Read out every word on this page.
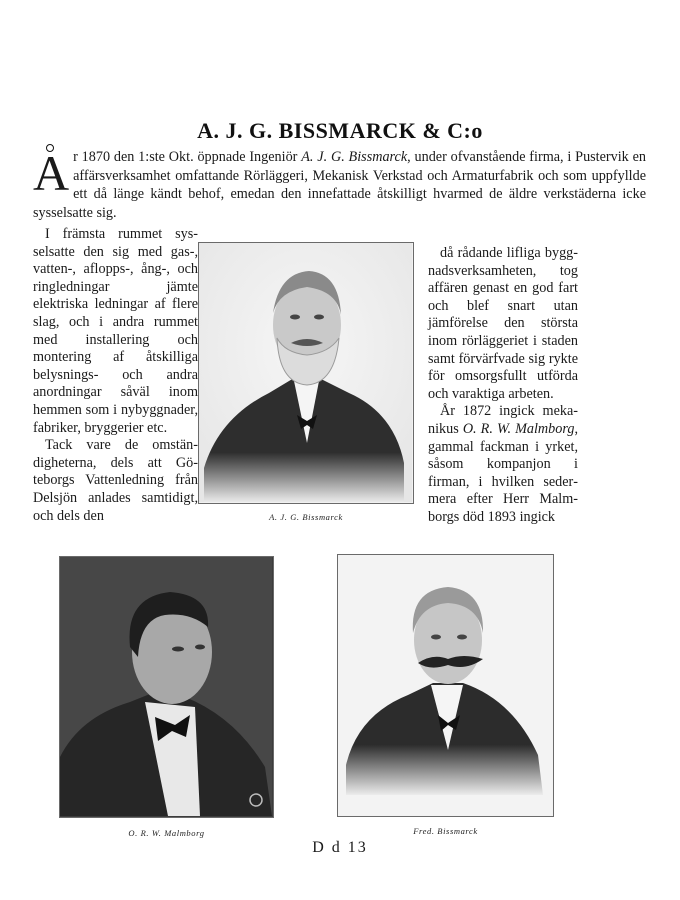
A. J. G. BISSMARCK & C:o
Ar 1870 den 1:ste Okt. öppnade Ingeniör A. J. G. Bissmarck, under ofvanstående firma, i Pustervik en affärsverksamhet omfattande Rörläggeri, Mekanisk Verkstad och Armaturfabrik och som uppfyllde ett då länge kändt behof, emedan den innefattade åtskilligt hvarmed de äldre verkstäderna icke sysselsatte sig.

I främsta rummet sysselsatte den sig med gas-, vatten-, aflopps-, ång-, och ringledningar jämte elektriska ledningar af flere slag, och i andra rummet med installering och montering af åtskilliga belysnings- och andra anordningar såväl inom hemmen som i nybyggnader, fabriker, bryggerier etc.

Tack vare de omständigheterna, dels att Göteborgs Vattenledning från Delsjön anlades samtidigt, och dels den

då rådande lifliga byggnadsverksamheten, tog affären genast en god fart och blef snart utan jämförelse den största inom rörläggeriet i staden samt förvärfvade sig rykte för omsorgsfullt utförda och varaktiga arbeten.

År 1872 ingick mekanikus O. R. W. Malmborg, gammal fackman i yrket, såsom kompanjon i firman, i hvilken sedermera efter Herr Malmborgs död 1893 ingick

A. J. G. Bissmarck
O. R. W. Malmborg	Fred. Bissmarck
D d 13
